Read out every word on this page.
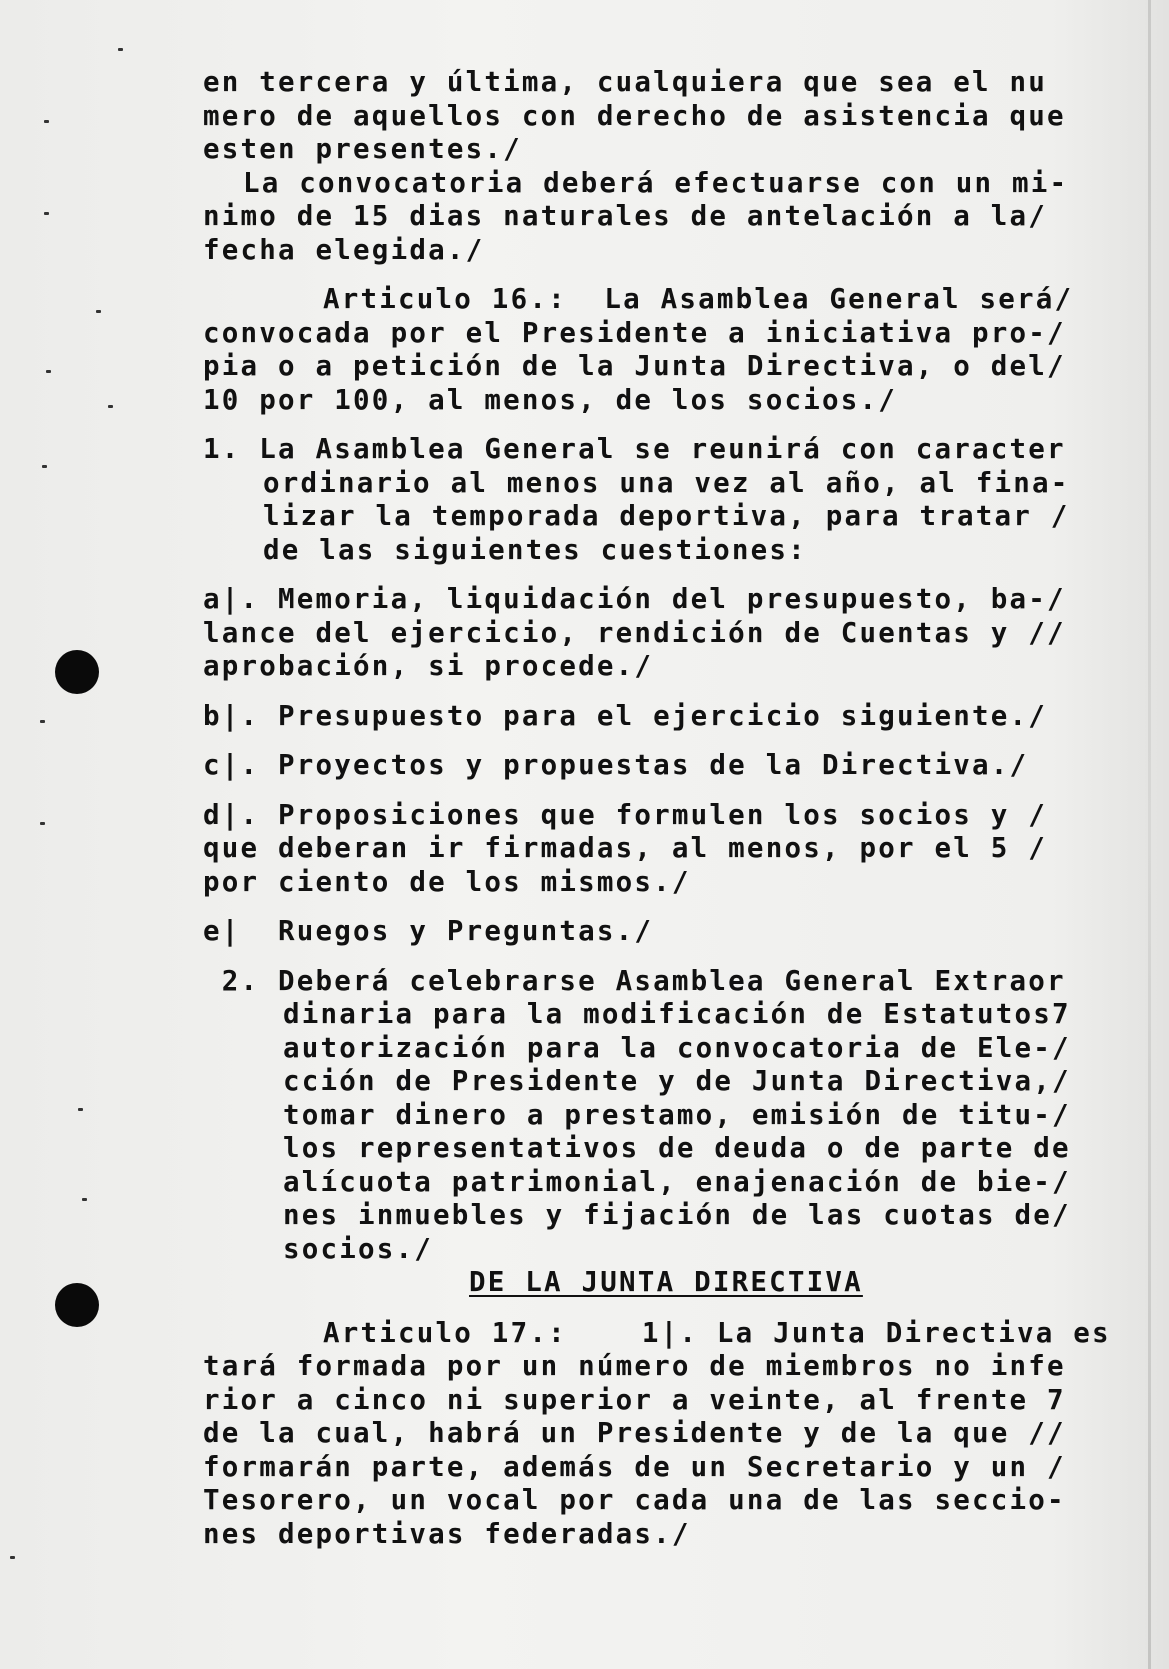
en tercera y última, cualquiera que sea el nu
mero de aquellos con derecho de asistencia que
esten presentes./
La convocatoria deberá efectuarse con un mi-
nimo de 15 dias naturales de antelación a la/
fecha elegida./
Articulo 16.:  La Asamblea General será/
convocada por el Presidente a iniciativa pro-/
pia o a petición de la Junta Directiva, o del/
10 por 100, al menos, de los socios./
1. La Asamblea General se reunirá con caracter
ordinario al menos una vez al año, al fina-
lizar la temporada deportiva, para tratar /
de las siguientes cuestiones:
a|. Memoria, liquidación del presupuesto, ba-/
lance del ejercicio, rendición de Cuentas y //
aprobación, si procede./
b|. Presupuesto para el ejercicio siguiente./
c|. Proyectos y propuestas de la Directiva./
d|. Proposiciones que formulen los socios y /
que deberan ir firmadas, al menos, por el 5 /
por ciento de los mismos./
e|  Ruegos y Preguntas./
2. Deberá celebrarse Asamblea General Extraor
dinaria para la modificación de Estatutos7
autorización para la convocatoria de Ele-/
cción de Presidente y de Junta Directiva,/
tomar dinero a prestamo, emisión de titu-/
los representativos de deuda o de parte de
alícuota patrimonial, enajenación de bie-/
nes inmuebles y fijación de las cuotas de/
socios./
DE LA JUNTA DIRECTIVA
Articulo 17.:    1|. La Junta Directiva es
tará formada por un número de miembros no infe
rior a cinco ni superior a veinte, al frente 7
de la cual, habrá un Presidente y de la que //
formarán parte, además de un Secretario y un /
Tesorero, un vocal por cada una de las seccio-
nes deportivas federadas./
